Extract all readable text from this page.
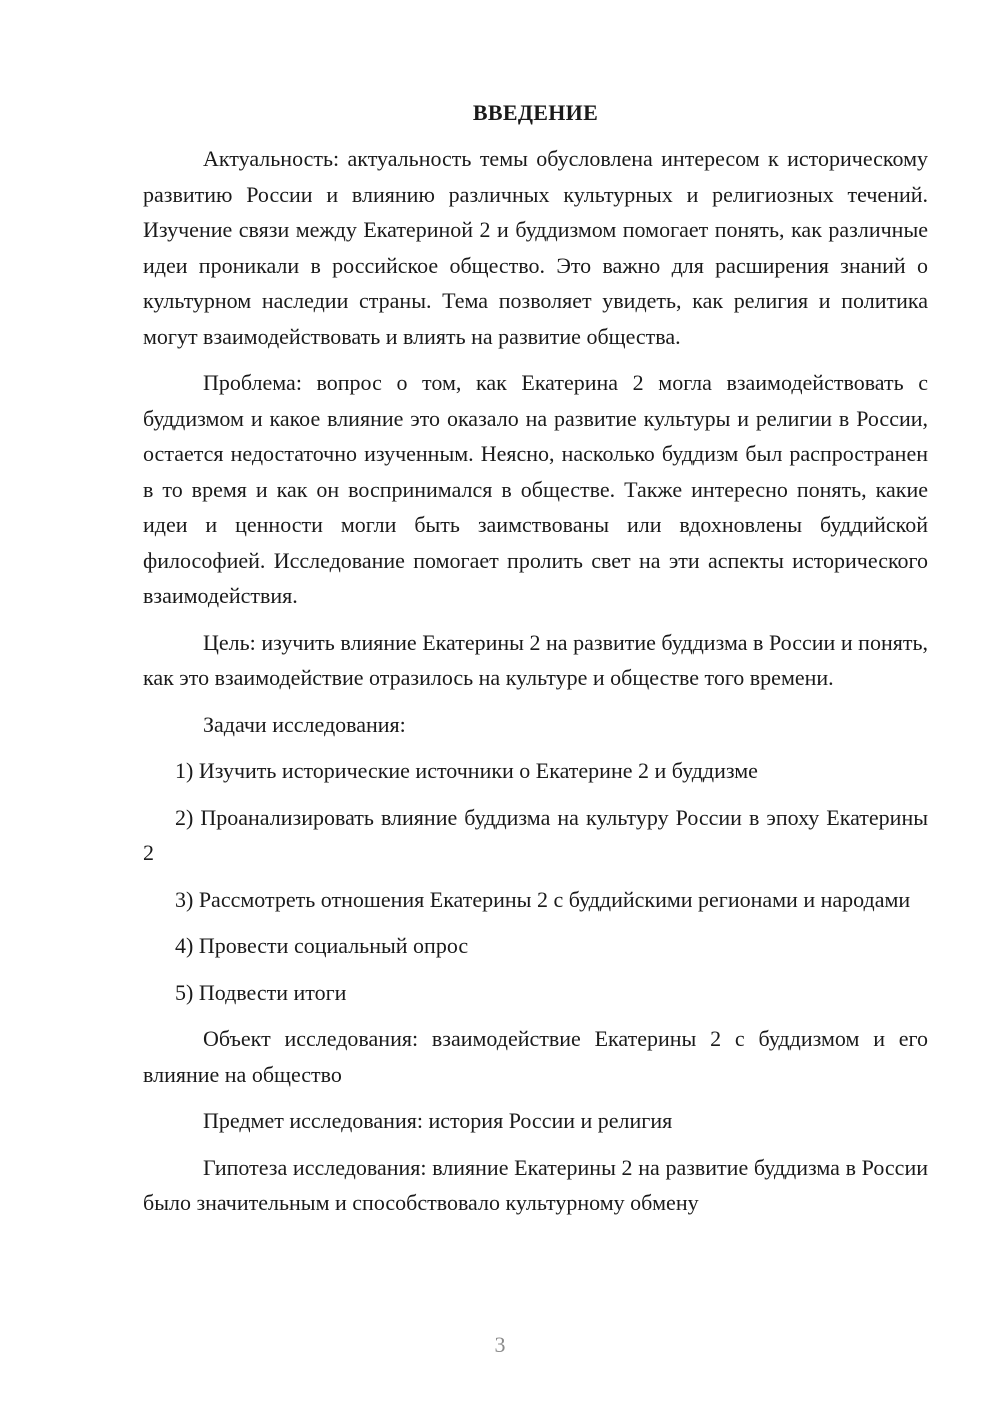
ВВЕДЕНИЕ

Актуальность: актуальность темы обусловлена интересом к историческому развитию России и влиянию различных культурных и религиозных течений. Изучение связи между Екатериной 2 и буддизмом помогает понять, как различные идеи проникали в российское общество. Это важно для расширения знаний о культурном наследии страны. Тема позволяет увидеть, как религия и политика могут взаимодействовать и влиять на развитие общества.

Проблема: вопрос о том, как Екатерина 2 могла взаимодействовать с буддизмом и какое влияние это оказало на развитие культуры и религии в России, остается недостаточно изученным. Неясно, насколько буддизм был распространен в то время и как он воспринимался в обществе. Также интересно понять, какие идеи и ценности могли быть заимствованы или вдохновлены буддийской философией. Исследование помогает пролить свет на эти аспекты исторического взаимодействия.

Цель: изучить влияние Екатерины 2 на развитие буддизма в России и понять, как это взаимодействие отразилось на культуре и обществе того времени.

Задачи исследования:

1) Изучить исторические источники о Екатерине 2 и буддизме

2) Проанализировать влияние буддизма на культуру России в эпоху Екатерины 2

3) Рассмотреть отношения Екатерины 2 с буддийскими регионами и народами

4) Провести социальный опрос

5) Подвести итоги

Объект исследования: взаимодействие Екатерины 2 с буддизмом и его влияние на общество

Предмет исследования: история России и религия

Гипотеза исследования: влияние Екатерины 2 на развитие буддизма в России было значительным и способствовало культурному обмену

3
